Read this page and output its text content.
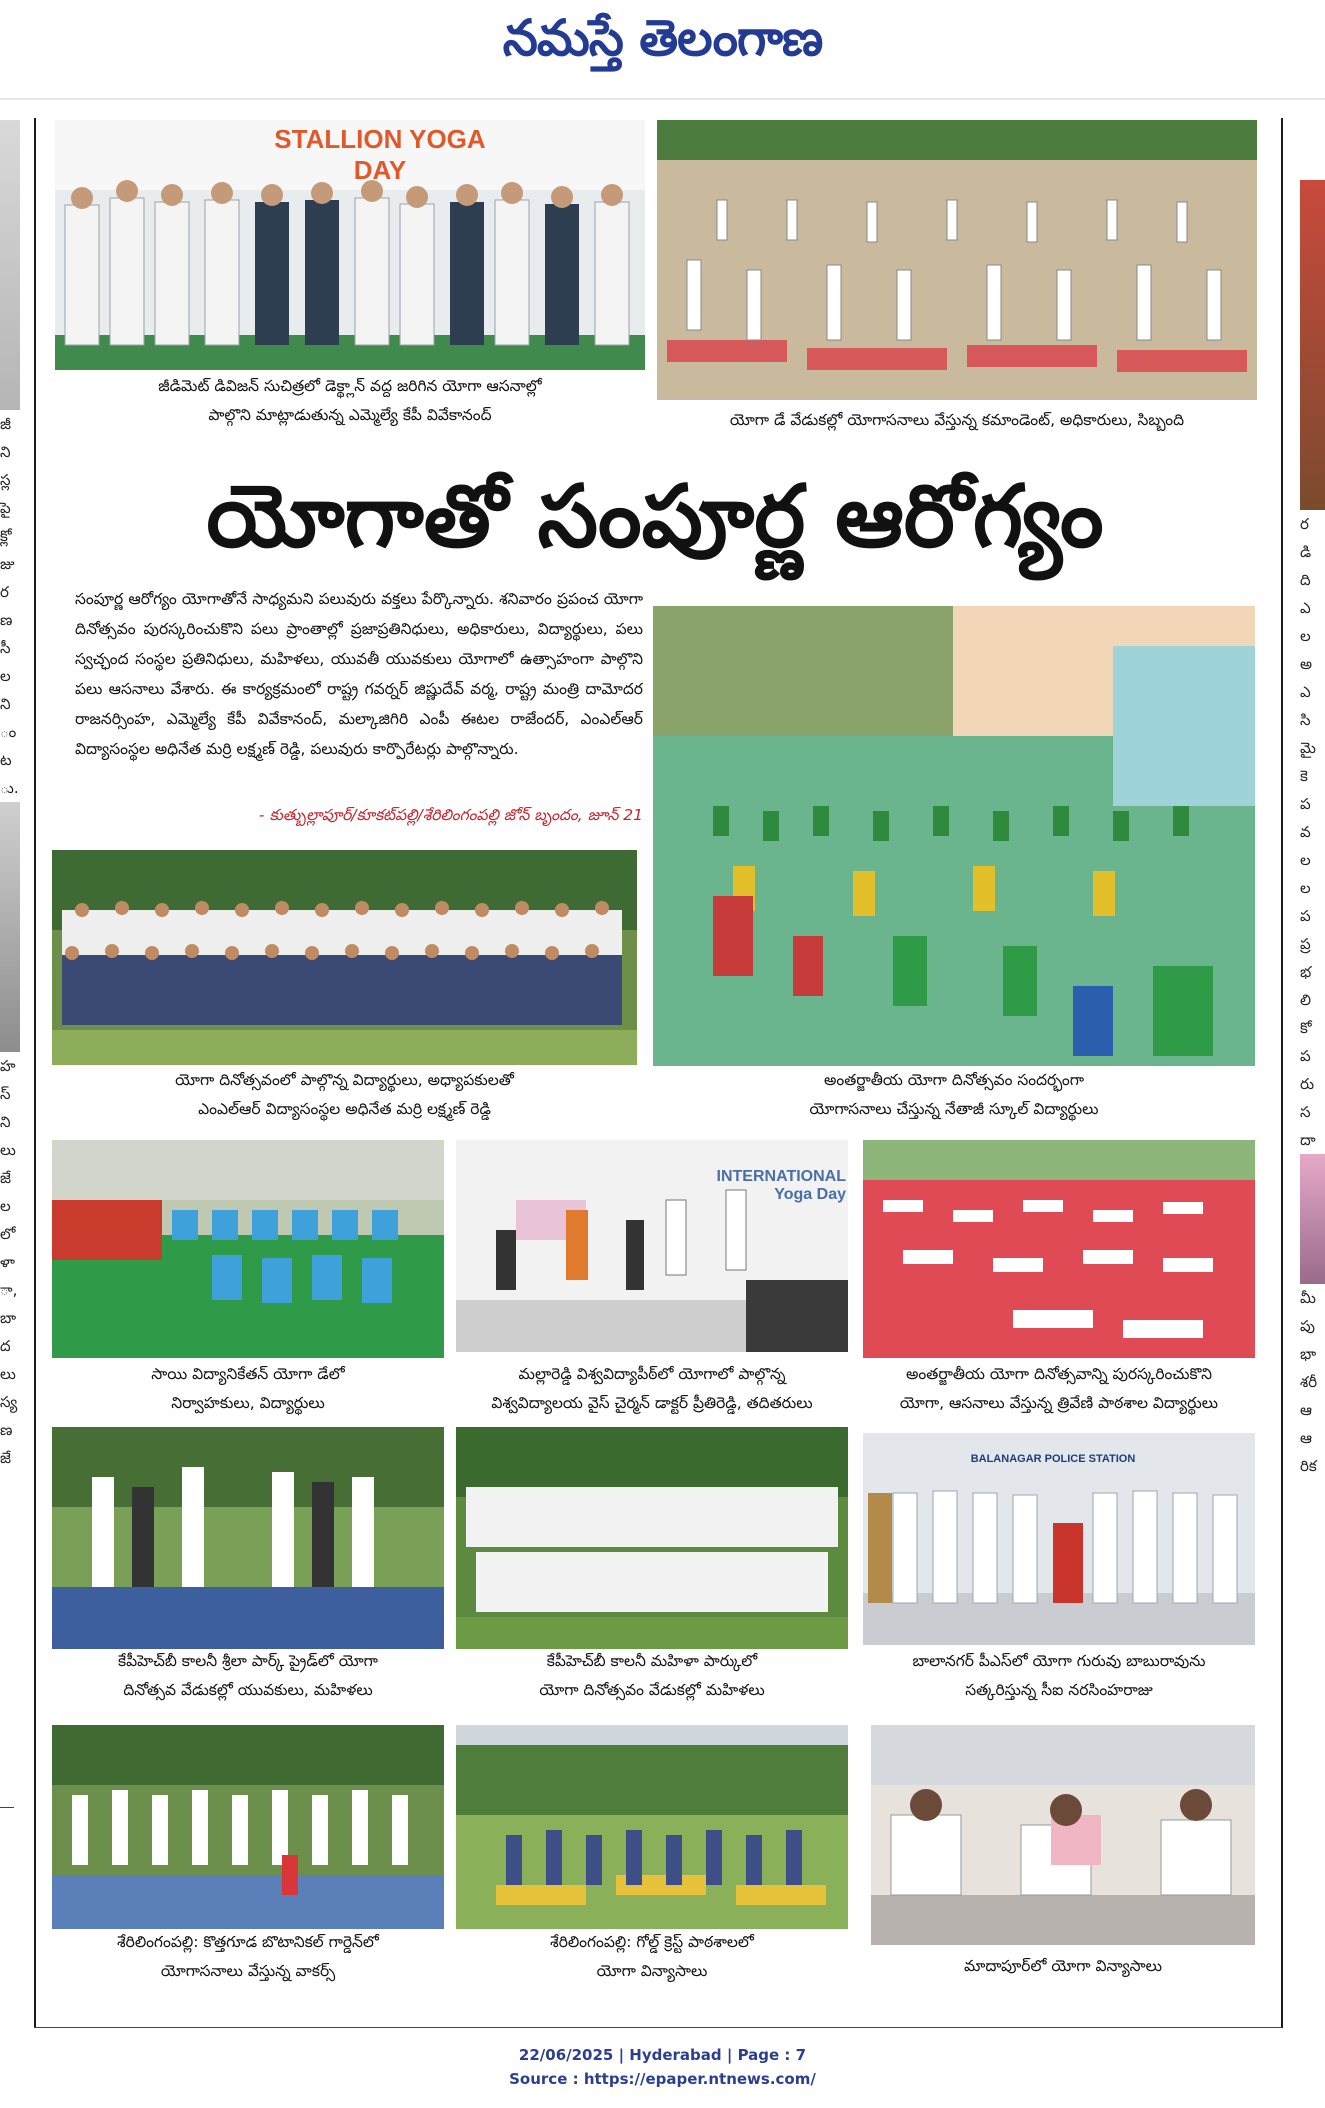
నమస్తే తెలంగాణ
జీ
ని
స్ల
పై
క్లో
జు
ర
ణ
సీ
ల
ని
ం
ట
ు.
హ
స్
ని
లు
జే
ల
లో
ళా
ా,
బా
ద
లు
స్య
ణ
జే
ర
డి
ది
ఎ
ల
అ
ఎ
సి
మై
కె
ప
వ
ల
ల
ప
ప్ర
భ
లి
కో
ప
రు
స
దా
మీ
పు
భా
శరీ
ఆ
ఆ
రిక
STALLION YOGA DAY
జీడిమెట్ డివిజన్ సుచిత్రలో డెక్థ్లాన్ వద్ద జరిగిన యోగా ఆసనాల్లో
పాల్గొని మాట్లాడుతున్న ఎమ్మెల్యే కేపీ వివేకానంద్	యోగా డే వేడుకల్లో యోగాసనాలు వేస్తున్న కమాండెంట్, అధికారులు, సిబ్బంది
యోగాతో సంపూర్ణ ఆరోగ్యం
సంపూర్ణ ఆరోగ్యం యోగాతోనే సాధ్యమని పలువురు వక్తలు పేర్కొన్నారు. శనివారం ప్రపంచ యోగా దినోత్సవం పురస్కరించుకొని పలు ప్రాంతాల్లో ప్రజాప్రతినిధులు, అధికారులు, విద్యార్థులు, పలు స్వచ్ఛంద సంస్థల ప్రతినిధులు, మహిళలు, యువతీ యువకులు యోగాలో ఉత్సాహంగా పాల్గొని పలు ఆసనాలు వేశారు. ఈ కార్యక్రమంలో రాష్ట్ర గవర్నర్ జిష్ణుదేవ్ వర్మ, రాష్ట్ర మంత్రి దామోదర రాజనర్సింహ, ఎమ్మెల్యే కేపీ వివేకానంద్, మల్కాజిగిరి ఎంపీ ఈటల రాజేందర్, ఎంఎల్ఆర్ విద్యాసంస్థల అధినేత మర్రి లక్ష్మణ్ రెడ్డి, పలువురు కార్పొరేటర్లు పాల్గొన్నారు.
- కుత్బుల్లాపూర్/కూకట్‌పల్లి/శేరిలింగంపల్లి జోన్ బృందం, జూన్ 21
యోగా దినోత్సవంలో పాల్గొన్న విద్యార్థులు, అధ్యాపకులతో
ఎంఎల్ఆర్ విద్యాసంస్థల అధినేత మర్రి లక్ష్మణ్ రెడ్డి
అంతర్జాతీయ యోగా దినోత్సవం సందర్భంగా
యోగాసనాలు చేస్తున్న నేతాజీ స్కూల్ విద్యార్థులు
సాయి విద్యానికేతన్ యోగా డేలో
నిర్వాహకులు, విద్యార్థులు
INTERNATIONAL Yoga Day
మల్లారెడ్డి విశ్వవిద్యాపీఠ్‌లో యోగాలో పాల్గొన్న
విశ్వవిద్యాలయ వైస్ చైర్మన్ డాక్టర్ ప్రీతిరెడ్డి, తదితరులు
అంతర్జాతీయ యోగా దినోత్సవాన్ని పురస్కరించుకొని
యోగా, ఆసనాలు వేస్తున్న త్రివేణి పాఠశాల విద్యార్థులు
కేపీహెచ్‌బీ కాలనీ శ్రీలా పార్క్ ప్రైడ్‌లో యోగా
దినోత్సవ వేడుకల్లో యువకులు, మహిళలు
కేపీహెచ్‌బీ కాలనీ మహిళా పార్కులో
యోగా దినోత్సవం వేడుకల్లో మహిళలు
BALANAGAR POLICE STATION
బాలానగర్ పీఎస్‌లో యోగా గురువు బాబురావును
సత్కరిస్తున్న సీఐ నరసింహరాజు
శేరిలింగంపల్లి: కొత్తగూడ బొటానికల్ గార్డెన్‌లో
యోగాసనాలు వేస్తున్న వాకర్స్
శేరిలింగంపల్లి: గోల్డ్ క్రెస్ట్ పాఠశాలలో
యోగా విన్యాసాలు	మాదాపూర్‌లో యోగా విన్యాసాలు
22/06/2025 | Hyderabad | Page : 7
Source : https://epaper.ntnews.com/
